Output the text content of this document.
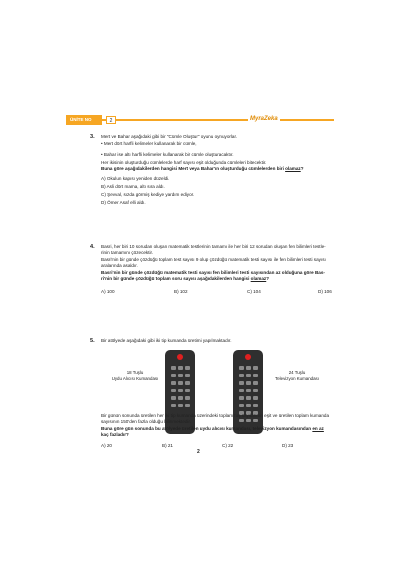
ÜNİTE NO	2	MyraZeka
3. Mert ve Bahar aşağıdaki gibi bir "Cümle Oluştur" oyunu oynuyorlar.
• Mert dört harfli kelimeler kullanarak bir cümle,
• Bahar ise altı harfli kelimeler kullanarak bir cümle oluşturacaktır.
Her ikisinin oluşturduğu cümlelerde harf sayısı eşit olduğunda cümleleri bitecektir.
Buna göre aşağıdakilerden hangisi Mert veya Bahar'ın oluşturduğu cümlelerden biri olamaz?
A) Okulun kapısı yeniden düzeldi.
B) Asli dört mama, altı sıra aldı.
C) Şevval, sızda görmiş kediye yardım ediyor.
D) Ömer Asaf elli aldı.
4. Basri, her biri 10 sorudan oluşan matematik testlerinin tamamı ile her biri 12 sorudan oluşan fen bilimleri testle-
rinin tamamını çözecektir.
Basri'nin bir günde çözdüğü toplam test sayısı 9 olup çözdüğü matematik testi sayısı ile fen bilimleri testi sayısı
aralarında asaldır.
Basri'nin bir günde çözdüğü matematik testi sayısı fen bilimleri testi sayısından az olduğuna göre Bas-
ri'nin bir günde çözdüğü toplam soru sayısı aşağıdakilerden hangisi olamaz?
A) 100	B) 102	C) 104	D) 106
5. Bir atölyede aşağıdaki gibi iki tip kumanda üretimi yapılmaktadır.
18 Tuşlu
Uydu Alıcısı Kumandası
24 Tuşlu
Televizyon Kumandası
Bir günün sonunda üretilen her iki tip kumanda üzerindeki toplam tuş sayılarının eşit ve üretilen toplam kumanda
sayısının 150'den fazla olduğu bilinmektedir.
Buna göre gün sonunda bu atölyede üretilen uydu alıcısı kumandası, televizyon kumandasından en az
kaç fazladır?
A) 20	B) 21	C) 22	D) 23
2
